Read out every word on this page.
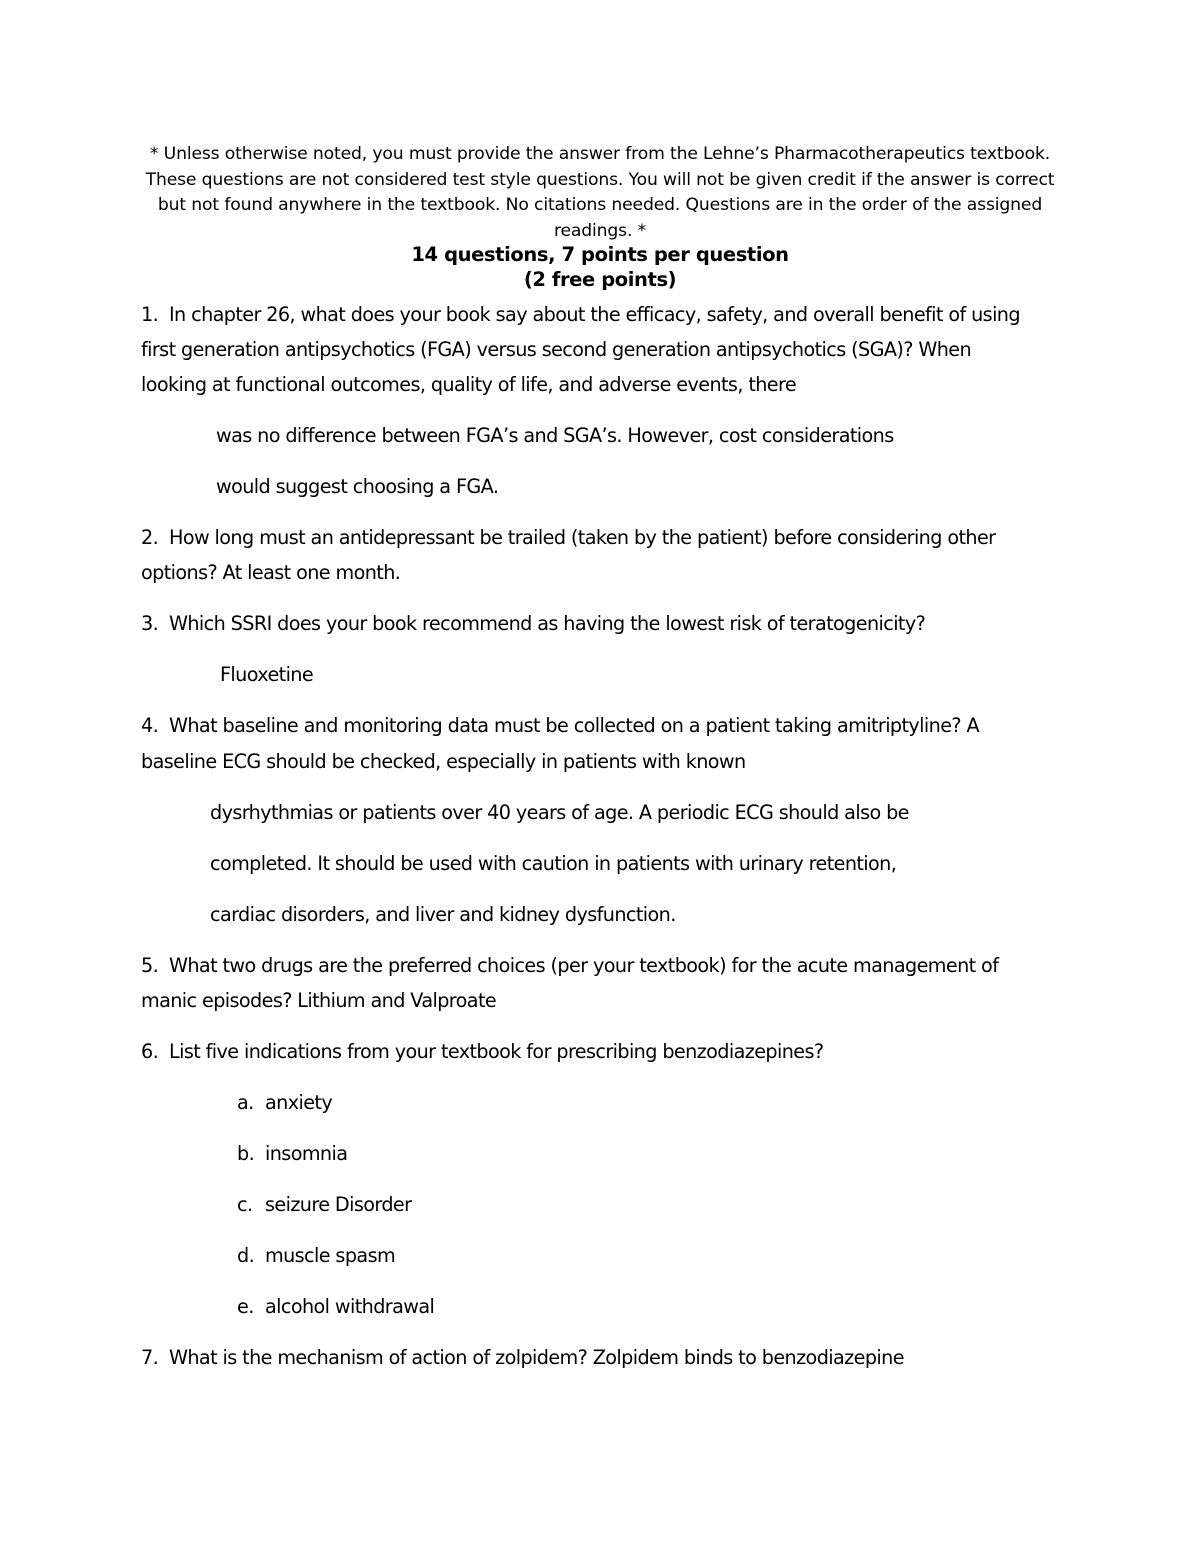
* Unless otherwise noted, you must provide the answer from the Lehne’s Pharmacotherapeutics textbook. These questions are not considered test style questions. You will not be given credit if the answer is correct but not found anywhere in the textbook. No citations needed. Questions are in the order of the assigned readings. *
14 questions, 7 points per question
(2 free points)
1. In chapter 26, what does your book say about the efficacy, safety, and overall benefit of using
first generation antipsychotics (FGA) versus second generation antipsychotics (SGA)? When
looking at functional outcomes, quality of life, and adverse events, there
was no difference between FGA’s and SGA’s. However, cost considerations
would suggest choosing a FGA.
2. How long must an antidepressant be trailed (taken by the patient) before considering other
options? At least one month.
3. Which SSRI does your book recommend as having the lowest risk of teratogenicity?
Fluoxetine
4. What baseline and monitoring data must be collected on a patient taking amitriptyline? A
baseline ECG should be checked, especially in patients with known
dysrhythmias or patients over 40 years of age. A periodic ECG should also be
completed. It should be used with caution in patients with urinary retention,
cardiac disorders, and liver and kidney dysfunction.
5. What two drugs are the preferred choices (per your textbook) for the acute management of
manic episodes? Lithium and Valproate
6. List five indications from your textbook for prescribing benzodiazepines?
a. anxiety
b. insomnia
c. seizure Disorder
d. muscle spasm
e. alcohol withdrawal
7. What is the mechanism of action of zolpidem? Zolpidem binds to benzodiazepine
